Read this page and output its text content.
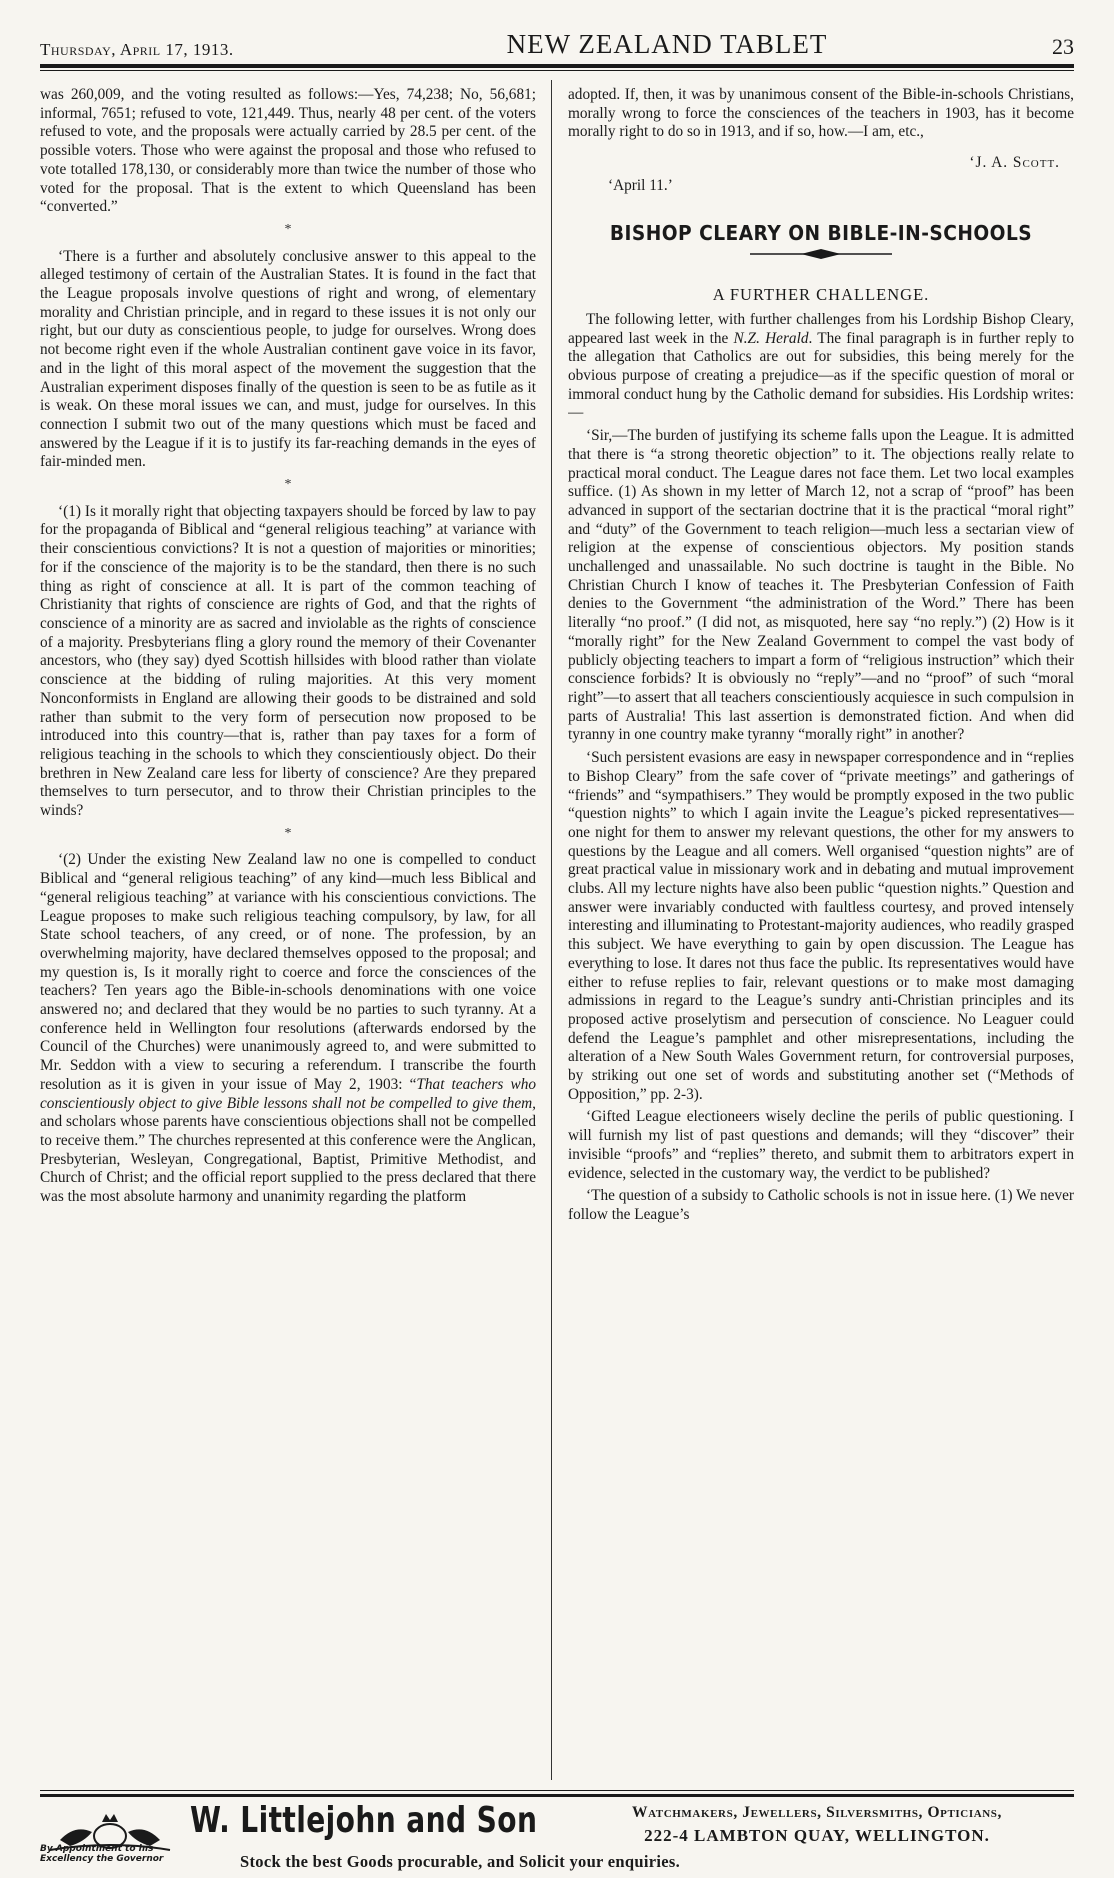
Thursday, April 17, 1913.	NEW ZEALAND TABLET	23

was 260,009, and the voting resulted as follows:—Yes, 74,238; No, 56,681; informal, 7651; refused to vote, 121,449. Thus, nearly 48 per cent. of the voters refused to vote, and the proposals were actually carried by 28.5 per cent. of the possible voters. Those who were against the proposal and those who refused to vote totalled 178,130, or considerably more than twice the number of those who voted for the proposal. That is the extent to which Queensland has been “converted.”

*

‘There is a further and absolutely conclusive answer to this appeal to the alleged testimony of certain of the Australian States. It is found in the fact that the League proposals involve questions of right and wrong, of elementary morality and Christian principle, and in regard to these issues it is not only our right, but our duty as conscientious people, to judge for ourselves. Wrong does not become right even if the whole Australian continent gave voice in its favor, and in the light of this moral aspect of the movement the suggestion that the Australian experiment disposes finally of the question is seen to be as futile as it is weak. On these moral issues we can, and must, judge for ourselves. In this connection I submit two out of the many questions which must be faced and answered by the League if it is to justify its far-reaching demands in the eyes of fair-minded men.

*

‘(1) Is it morally right that objecting taxpayers should be forced by law to pay for the propaganda of Biblical and “general religious teaching” at variance with their conscientious convictions? It is not a question of majorities or minorities; for if the conscience of the majority is to be the standard, then there is no such thing as right of conscience at all. It is part of the common teaching of Christianity that rights of conscience are rights of God, and that the rights of conscience of a minority are as sacred and inviolable as the rights of conscience of a majority. Presbyterians fling a glory round the memory of their Covenanter ancestors, who (they say) dyed Scottish hillsides with blood rather than violate conscience at the bidding of ruling majorities. At this very moment Nonconformists in England are allowing their goods to be distrained and sold rather than submit to the very form of persecution now proposed to be introduced into this country—that is, rather than pay taxes for a form of religious teaching in the schools to which they conscientiously object. Do their brethren in New Zealand care less for liberty of conscience? Are they prepared themselves to turn persecutor, and to throw their Christian principles to the winds?

*

‘(2) Under the existing New Zealand law no one is compelled to conduct Biblical and “general religious teaching” of any kind—much less Biblical and “general religious teaching” at variance with his conscientious convictions. The League proposes to make such religious teaching compulsory, by law, for all State school teachers, of any creed, or of none. The profession, by an overwhelming majority, have declared themselves opposed to the proposal; and my question is, Is it morally right to coerce and force the consciences of the teachers? Ten years ago the Bible-in-schools denominations with one voice answered no; and declared that they would be no parties to such tyranny. At a conference held in Wellington four resolutions (afterwards endorsed by the Council of the Churches) were unanimously agreed to, and were submitted to Mr. Seddon with a view to securing a referendum. I transcribe the fourth resolution as it is given in your issue of May 2, 1903: “That teachers who conscientiously object to give Bible lessons shall not be compelled to give them, and scholars whose parents have conscientious objections shall not be compelled to receive them.” The churches represented at this conference were the Anglican, Presbyterian, Wesleyan, Congregational, Baptist, Primitive Methodist, and Church of Christ; and the official report supplied to the press declared that there was the most absolute harmony and unanimity regarding the platform

adopted. If, then, it was by unanimous consent of the Bible-in-schools Christians, morally wrong to force the consciences of the teachers in 1903, has it become morally right to do so in 1913, and if so, how.—I am, etc.,

‘J. A. Scott.
‘April 11.’
BISHOP CLEARY ON BIBLE-IN-SCHOOLS
A FURTHER CHALLENGE.

The following letter, with further challenges from his Lordship Bishop Cleary, appeared last week in the N.Z. Herald. The final paragraph is in further reply to the allegation that Catholics are out for subsidies, this being merely for the obvious purpose of creating a prejudice—as if the specific question of moral or immoral conduct hung by the Catholic demand for subsidies. His Lordship writes:—

‘Sir,—The burden of justifying its scheme falls upon the League. It is admitted that there is “a strong theoretic objection” to it. The objections really relate to practical moral conduct. The League dares not face them. Let two local examples suffice. (1) As shown in my letter of March 12, not a scrap of “proof” has been advanced in support of the sectarian doctrine that it is the practical “moral right” and “duty” of the Government to teach religion—much less a sectarian view of religion at the expense of conscientious objectors. My position stands unchallenged and unassailable. No such doctrine is taught in the Bible. No Christian Church I know of teaches it. The Presbyterian Confession of Faith denies to the Government “the administration of the Word.” There has been literally “no proof.” (I did not, as misquoted, here say “no reply.”) (2) How is it “morally right” for the New Zealand Government to compel the vast body of publicly objecting teachers to impart a form of “religious instruction” which their conscience forbids? It is obviously no “reply”—and no “proof” of such “moral right”—to assert that all teachers conscientiously acquiesce in such compulsion in parts of Australia! This last assertion is demonstrated fiction. And when did tyranny in one country make tyranny “morally right” in another?

‘Such persistent evasions are easy in newspaper correspondence and in “replies to Bishop Cleary” from the safe cover of “private meetings” and gatherings of “friends” and “sympathisers.” They would be promptly exposed in the two public “question nights” to which I again invite the League’s picked representatives—one night for them to answer my relevant questions, the other for my answers to questions by the League and all comers. Well organised “question nights” are of great practical value in missionary work and in debating and mutual improvement clubs. All my lecture nights have also been public “question nights.” Question and answer were invariably conducted with faultless courtesy, and proved intensely interesting and illuminating to Protestant-majority audiences, who readily grasped this subject. We have everything to gain by open discussion. The League has everything to lose. It dares not thus face the public. Its representatives would have either to refuse replies to fair, relevant questions or to make most damaging admissions in regard to the League’s sundry anti-Christian principles and its proposed active proselytism and persecution of conscience. No Leaguer could defend the League’s pamphlet and other misrepresentations, including the alteration of a New South Wales Government return, for controversial purposes, by striking out one set of words and substituting another set (“Methods of Opposition,” pp. 2-3).

‘Gifted League electioneers wisely decline the perils of public questioning. I will furnish my list of past questions and demands; will they “discover” their invisible “proofs” and “replies” thereto, and submit them to arbitrators expert in evidence, selected in the customary way, the verdict to be published?

‘The question of a subsidy to Catholic schools is not in issue here. (1) We never follow the League’s

By Appointment to his Excellency the Governor
W. Littlejohn and Son	Watchmakers, Jewellers, Silversmiths, Opticians,
222-4 LAMBTON QUAY, WELLINGTON.
Stock the best Goods procurable, and Solicit your enquiries.
